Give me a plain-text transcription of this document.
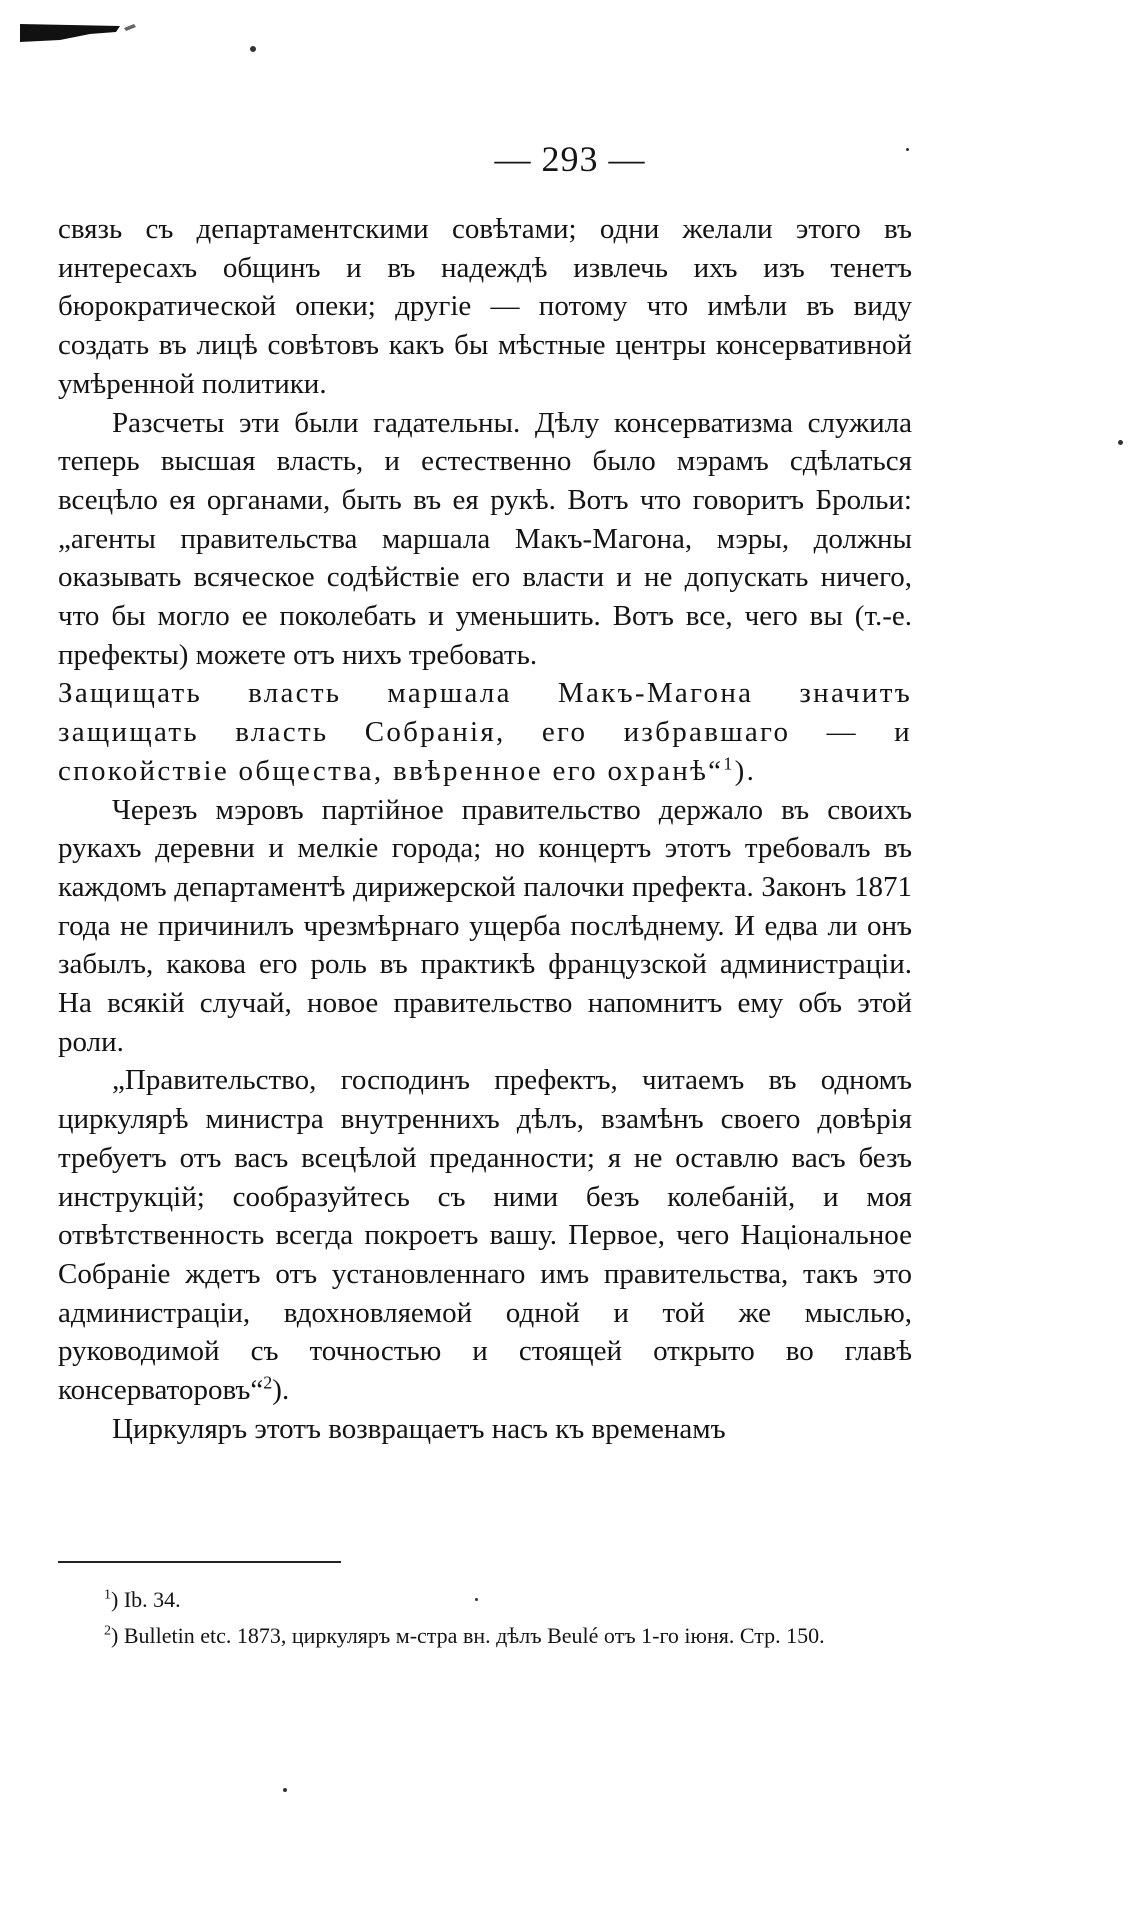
— 293 —

связь съ департаментскими совѣтами; одни желали этого въ интересахъ общинъ и въ надеждѣ извлечь ихъ изъ тенетъ бюрократической опеки; другіе — потому что имѣли въ виду создать въ лицѣ совѣтовъ какъ бы мѣстные центры консервативной умѣренной политики.

Разсчеты эти были гадательны. Дѣлу консерватизма служила теперь высшая власть, и естественно было мэрамъ сдѣлаться всецѣло ея органами, быть въ ея рукѣ. Вотъ что говоритъ Брольи: „агенты правительства маршала Макъ-Магона, мэры, должны оказывать всяческое содѣйствіе его власти и не допускать ничего, что бы могло ее поколебать и уменьшить. Вотъ все, чего вы (т.-е. префекты) можете отъ нихъ требовать.

Защищать власть маршала Макъ-Магона значитъ защищать власть Собранія, его избравшаго — и спокойствіе общества, ввѣренное его охранѣ“$^1$).

Черезъ мэровъ партійное правительство держало въ своихъ рукахъ деревни и мелкіе города; но концертъ этотъ требовалъ въ каждомъ департаментѣ дирижерской палочки префекта. Законъ 1871 года не причинилъ чрезмѣрнаго ущерба послѣднему. И едва ли онъ забылъ, какова его роль въ практикѣ французской администраціи. На всякій случай, новое правительство напомнитъ ему объ этой роли.

„Правительство, господинъ префектъ, читаемъ въ одномъ циркулярѣ министра внутреннихъ дѣлъ, взамѣнъ своего довѣрія требуетъ отъ васъ всецѣлой преданности; я не оставлю васъ безъ инструкцій; сообразуйтесь съ ними безъ колебаній, и моя отвѣтственность всегда покроетъ вашу. Первое, чего Національное Собраніе ждетъ отъ установленнаго имъ правительства, такъ это администраціи, вдохновляемой одной и той же мыслью, руководимой съ точностью и стоящей открыто во главѣ консерваторовъ“$^2$).

Циркуляръ этотъ возвращаетъ насъ къ временамъ

$^1$) Ib. 34.

$^2$) Bulletin etc. 1873, циркуляръ м-стра вн. дѣлъ Beulé отъ 1-го іюня. Стр. 150.
